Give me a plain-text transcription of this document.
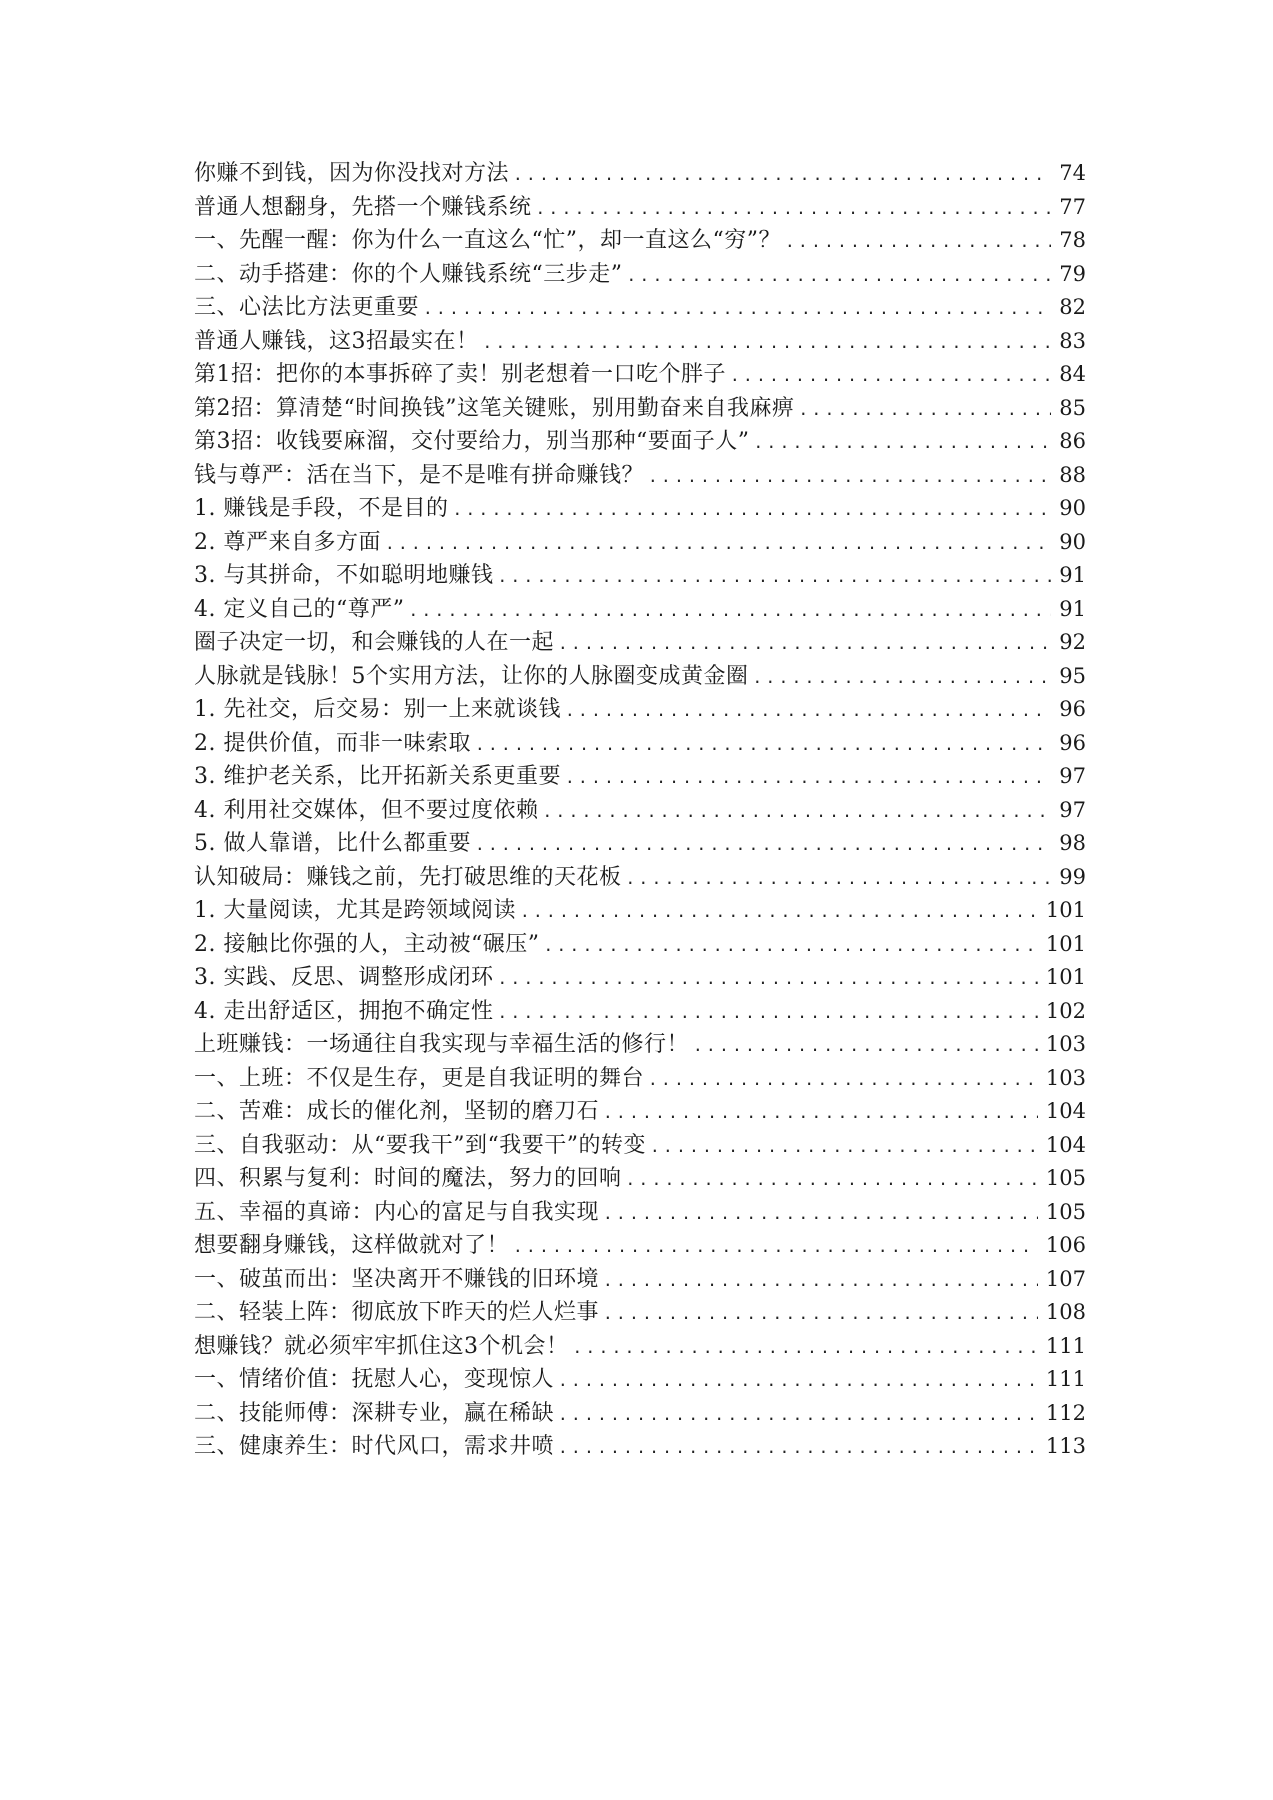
你赚不到钱，因为你没找对方法 .....	74
普通人想翻身，先搭一个赚钱系统 .....	77
一、先醒一醒：你为什么一直这么“忙”，却一直这么“穷”？ .....	78
二、动手搭建：你的个人赚钱系统“三步走” .....	79
三、心法比方法更重要 .....	82
普通人赚钱，这3招最实在！ .....	83
第1招：把你的本事拆碎了卖！别老想着一口吃个胖子 .....	84
第2招：算清楚“时间换钱”这笔关键账，别用勤奋来自我麻痹 .....	85
第3招：收钱要麻溜，交付要给力，别当那种“要面子人” .....	86
钱与尊严：活在当下，是不是唯有拼命赚钱？ .....	88
1. 赚钱是手段，不是目的 .....	90
2. 尊严来自多方面 .....	90
3. 与其拼命，不如聪明地赚钱 .....	91
4. 定义自己的“尊严” .....	91
圈子决定一切，和会赚钱的人在一起 .....	92
人脉就是钱脉！5个实用方法，让你的人脉圈变成黄金圈 .....	95
1. 先社交，后交易：别一上来就谈钱 .....	96
2. 提供价值，而非一味索取 .....	96
3. 维护老关系，比开拓新关系更重要 .....	97
4. 利用社交媒体，但不要过度依赖 .....	97
5. 做人靠谱，比什么都重要 .....	98
认知破局：赚钱之前，先打破思维的天花板 .....	99
1. 大量阅读，尤其是跨领域阅读 .....	101
2. 接触比你强的人，主动被“碾压” .....	101
3. 实践、反思、调整形成闭环 .....	101
4. 走出舒适区，拥抱不确定性 .....	102
上班赚钱：一场通往自我实现与幸福生活的修行！ .....	103
一、上班：不仅是生存，更是自我证明的舞台 .....	103
二、苦难：成长的催化剂，坚韧的磨刀石 .....	104
三、自我驱动：从“要我干”到“我要干”的转变 .....	104
四、积累与复利：时间的魔法，努力的回响 .....	105
五、幸福的真谛：内心的富足与自我实现 .....	105
想要翻身赚钱，这样做就对了！ .....	106
一、破茧而出：坚决离开不赚钱的旧环境 .....	107
二、轻装上阵：彻底放下昨天的烂人烂事 .....	108
想赚钱？就必须牢牢抓住这3个机会！ .....	111
一、情绪价值：抚慰人心，变现惊人 .....	111
二、技能师傅：深耕专业，赢在稀缺 .....	112
三、健康养生：时代风口，需求井喷 .....	113
